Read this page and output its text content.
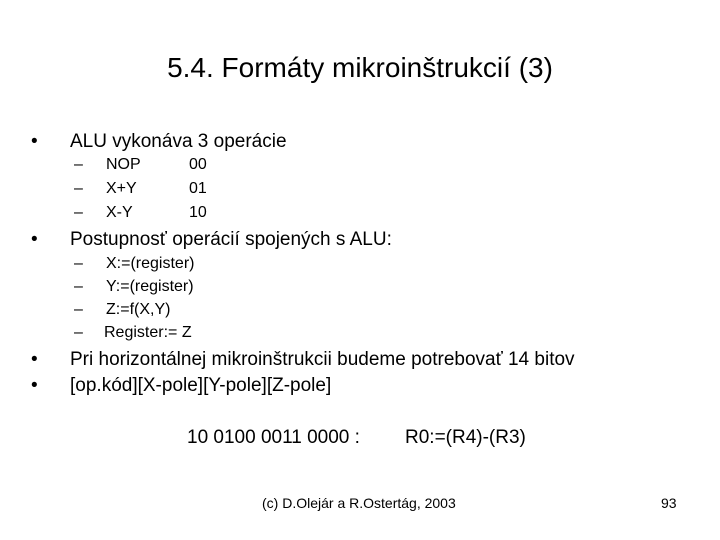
5.4. Formáty mikroinštrukcií (3)
• ALU vykonáva 3 operácie
– NOP	00
– X+Y	01
– X-Y	10
• Postupnosť operácií spojených s ALU:
– X:=(register)
– Y:=(register)
– Z:=f(X,Y)
– Register:= Z
• Pri horizontálnej mikroinštrukcii budeme potrebovať 14 bitov
• [op.kód][X-pole][Y-pole][Z-pole]
10 0100 0011 0000 : R0:=(R4)-(R3)
(c) D.Olejár a R.Ostertág, 2003	93
